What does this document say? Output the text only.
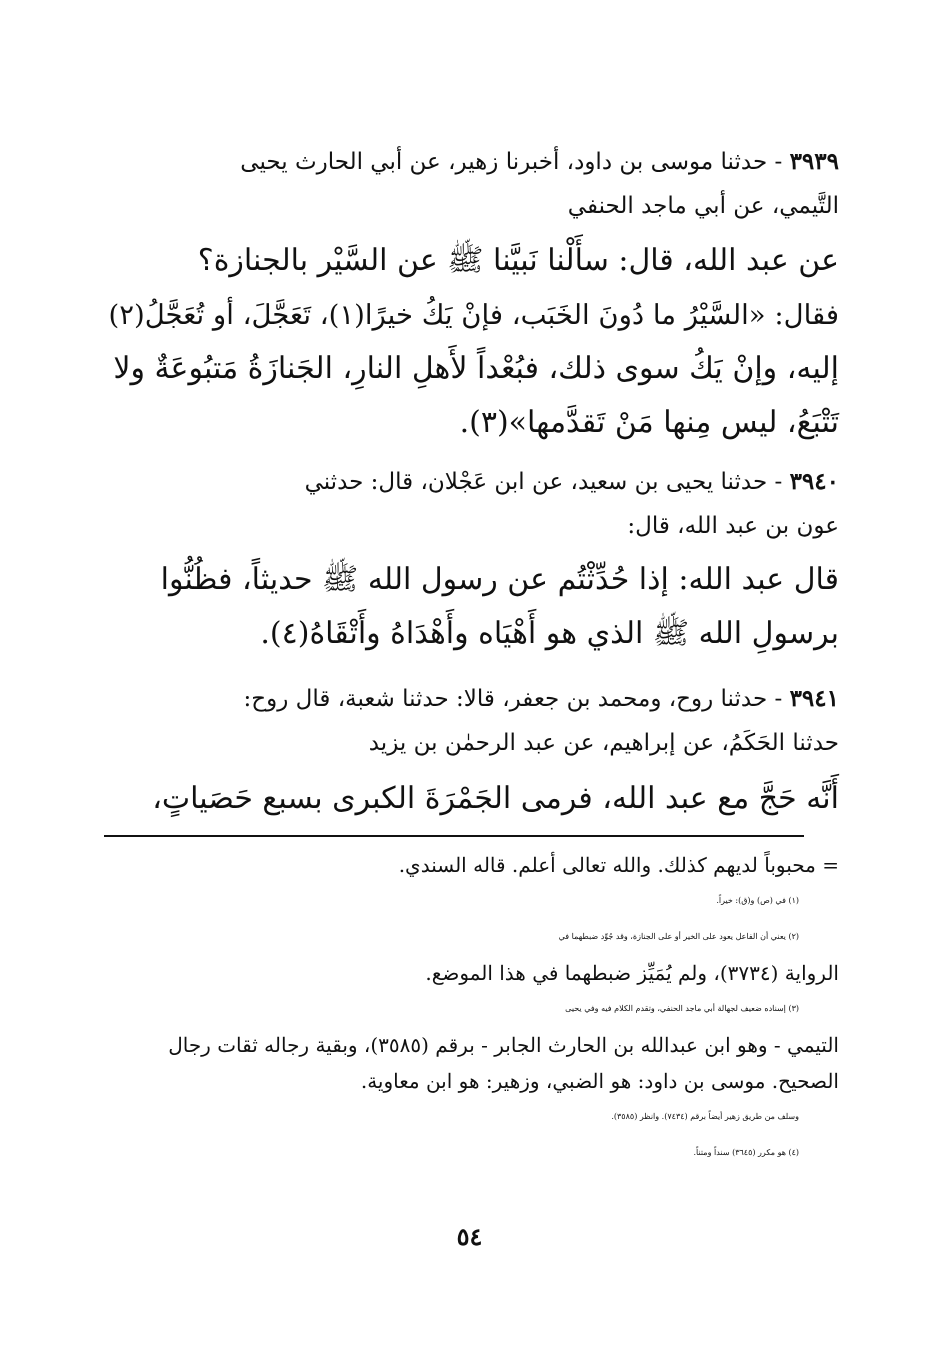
٣٩٣٩ - حدثنا موسى بن داود، أخبرنا زهير، عن أبي الحارث يحيى
التَّيمي، عن أبي ماجد الحنفي
عن عبد الله، قال: سأَلْنا نَبيَّنا ﷺ عن السَّيْر بالجنازة؟
فقال: «السَّيْرُ ما دُونَ الخَبَب، فإنْ يَكُ خيرًا(١)، تَعَجَّلَ، أو تُعَجَّلُ(٢)
إليه، وإنْ يَكُ سوى ذلك، فبُعْداً لأَهلِ النارِ، الجَنازَةُ مَتبُوعَةٌ ولا
تَتْبَعُ، ليس مِنها مَنْ تَقدَّمها»(٣).
٣٩٤٠ - حدثنا يحيى بن سعيد، عن ابن عَجْلان، قال: حدثني
عون بن عبد الله، قال:
قال عبد الله: إذا حُدِّثْتُم عن رسول الله ﷺ حديثاً، فظُنُّوا
برسولِ الله ﷺ الذي هو أَهْيَاه وأَهْدَاهُ وأَتْقَاهُ(٤).
٣٩٤١ - حدثنا روح، ومحمد بن جعفر، قالا: حدثنا شعبة، قال روح:
حدثنا الحَكَمُ، عن إبراهيم، عن عبد الرحمٰن بن يزيد
أَنَّه حَجَّ مع عبد الله، فرمى الجَمْرَةَ الكبرى بسبع حَصَياتٍ،
= محبوباً لديهم كذلك. والله تعالى أعلم. قاله السندي.
(١) في (ص) و(ق): خيراً.
(٢) يعني أن الفاعل يعود على الخير أو على الجنازة، وقد جُوِّد ضبطهما في
الرواية (٣٧٣٤)، ولم يُمَيِّز ضبطهما في هذا الموضع.
(٣) إسناده ضعيف لجهالة أبي ماجد الحنفي، وتقدم الكلام فيه وفي يحيى
التيمي - وهو ابن عبدالله بن الحارث الجابر - برقم (٣٥٨٥)، وبقية رجاله ثقات رجال
الصحيح. موسى بن داود: هو الضبي، وزهير: هو ابن معاوية.
وسلف من طريق زهير أيضاً برقم (٧٤٣٤). وانظر (٣٥٨٥).
(٤) هو مكرر (٣٦٤٥) سنداً ومتناً.
٥٤
